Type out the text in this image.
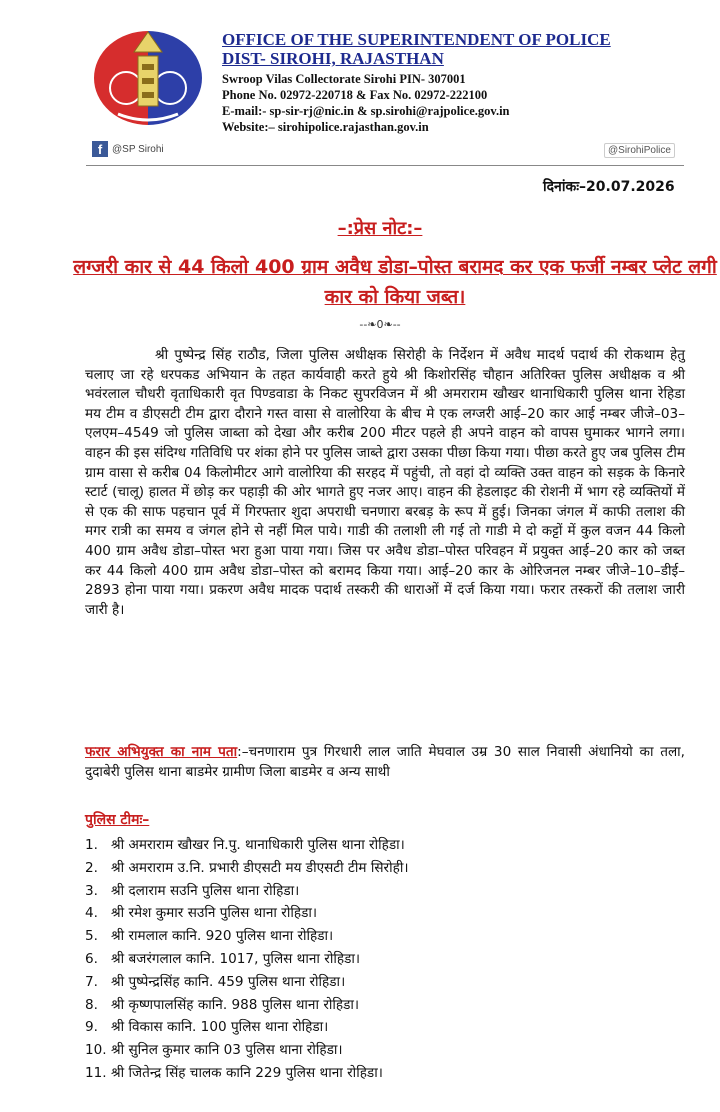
OFFICE OF THE SUPERINTENDENT OF POLICE
DIST- SIROHI, RAJASTHAN
Swroop Vilas Collectorate Sirohi PIN- 307001
Phone No. 02972-220718 & Fax No. 02972-222100
E-mail:- sp-sir-rj@nic.in & sp.sirohi@rajpolice.gov.in
Website:– sirohipolice.rajasthan.gov.in
f @SP Sirohi	@SirohiPolice
दिनांकः–20.07.2026
–:प्रेस नोट:–
लग्जरी कार से 44 किलो 400 ग्राम अवैध डोडा–पोस्त बरामद कर एक फर्जी नम्बर प्लेट लगी कार को किया जब्त।
--❧0❧--
श्री पुष्पेन्द्र सिंह राठौड, जिला पुलिस अधीक्षक सिरोही के निर्देशन में अवैध मादर्थ पदार्थ की रोकथाम हेतु चलाए जा रहे धरपकड अभियान के तहत कार्यवाही करते हुये श्री किशोरसिंह चौहान अतिरिक्त पुलिस अधीक्षक व श्री भवंरलाल चौधरी वृताधिकारी वृत पिण्डवाडा के निकट सुपरविजन में श्री अमराराम खौखर थानाधिकारी पुलिस थाना रेहिडा मय टीम व डीएसटी टीम द्वारा दौराने गस्त वासा से वालोरिया के बीच मे एक लग्जरी आई–20 कार आई नम्बर जीजे–03–एलएम–4549 जो पुलिस जाब्ता को देखा और करीब 200 मीटर पहले ही अपने वाहन को वापस घुमाकर भागने लगा। वाहन की इस संदिग्ध गतिविधि पर शंका होने पर पुलिस जाब्ते द्वारा उसका पीछा किया गया। पीछा करते हुए जब पुलिस टीम ग्राम वासा से करीब 04 किलोमीटर आगे वालोरिया की सरहद में पहुंची, तो वहां दो व्यक्ति उक्त वाहन को सड़क के किनारे स्टार्ट (चालू) हालत में छोड़ कर पहाड़ी की ओर भागते हुए नजर आए। वाहन की हेडलाइट की रोशनी में भाग रहे व्यक्तियों में से एक की साफ पहचान पूर्व में गिरफ्तार शुदा अपराधी चनणारा बरबड़ के रूप में हुई। जिनका जंगल में काफी तलाश की मगर रात्री का समय व जंगल होने से नहीं मिल पाये। गाडी की तलाशी ली गई तो गाडी मे दो कट्टों में कुल वजन 44 किलो 400 ग्राम अवैध डोडा–पोस्त भरा हुआ पाया गया। जिस पर अवैध डोडा–पोस्त परिवहन में प्रयुक्त आई–20 कार को जब्त कर 44 किलो 400 ग्राम अवैध डोडा–पोस्त को बरामद किया गया। आई–20 कार के ओरिजनल नम्बर जीजे–10–डीई–2893 होना पाया गया। प्रकरण अवैध मादक पदार्थ तस्करी की धाराओं में दर्ज किया गया। फरार तस्करों की तलाश जारी जारी है।
फरार अभियुक्त का नाम पता:–चनणाराम पुत्र गिरधारी लाल जाति मेघवाल उम्र 30 साल निवासी अंधानियो का तला, दुदाबेरी पुलिस थाना बाडमेर ग्रामीण जिला बाडमेर व अन्य साथी
पुलिस टीमः–
1. श्री अमराराम खौखर नि.पु. थानाधिकारी पुलिस थाना रोहिडा।
2. श्री अमराराम उ.नि. प्रभारी डीएसटी मय डीएसटी टीम सिरोही।
3. श्री दलाराम सउनि पुलिस थाना रोहिडा।
4. श्री रमेश कुमार सउनि पुलिस थाना रोहिडा।
5. श्री रामलाल कानि. 920 पुलिस थाना रोहिडा।
6. श्री बजरंगलाल कानि. 1017, पुलिस थाना रोहिडा।
7. श्री पुष्पेन्द्रसिंह कानि. 459 पुलिस थाना रोहिडा।
8. श्री कृष्णपालसिंह कानि. 988 पुलिस थाना रोहिडा।
9. श्री विकास कानि. 100 पुलिस थाना रोहिडा।
10. श्री सुनिल कुमार कानि 03 पुलिस थाना रोहिडा।
11. श्री जितेन्द्र सिंह चालक कानि 229 पुलिस थाना रोहिडा।
